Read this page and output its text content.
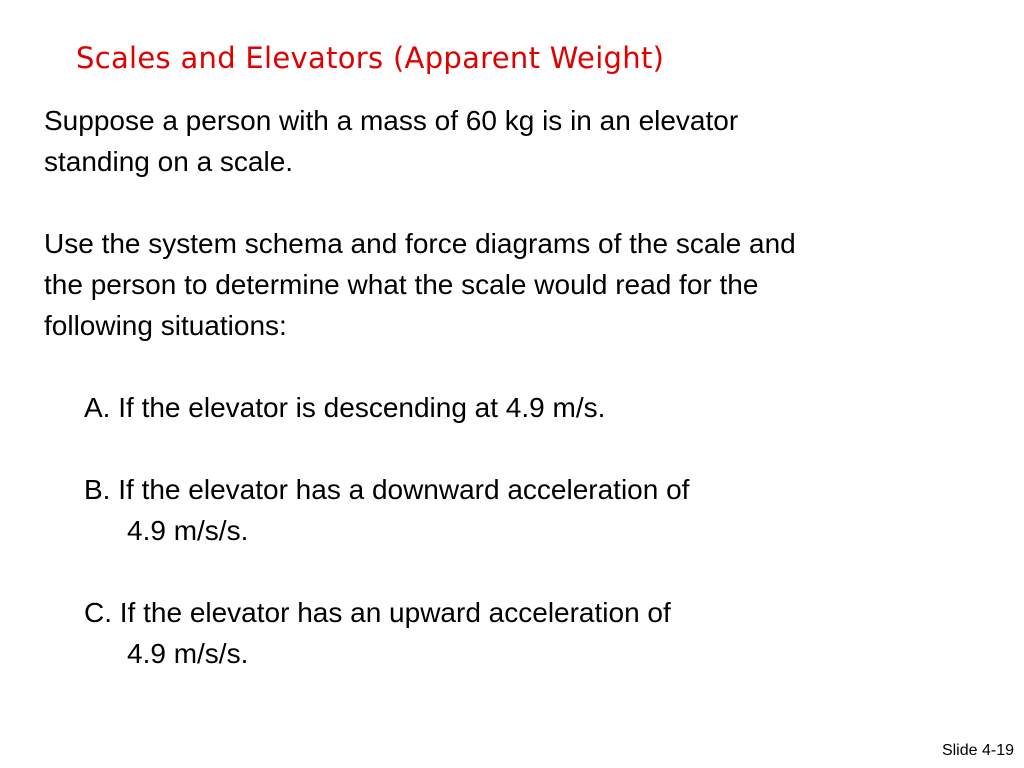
Scales and Elevators (Apparent Weight)

Suppose a person with a mass of 60 kg is in an elevator
standing on a scale.

Use the system schema and force diagrams of the scale and
the person to determine what the scale would read for the
following situations:

A. If the elevator is descending at 4.9 m/s.

B. If the elevator has a downward acceleration of
4.9 m/s/s.

C. If the elevator has an upward acceleration of
4.9 m/s/s.

Slide 4-19
